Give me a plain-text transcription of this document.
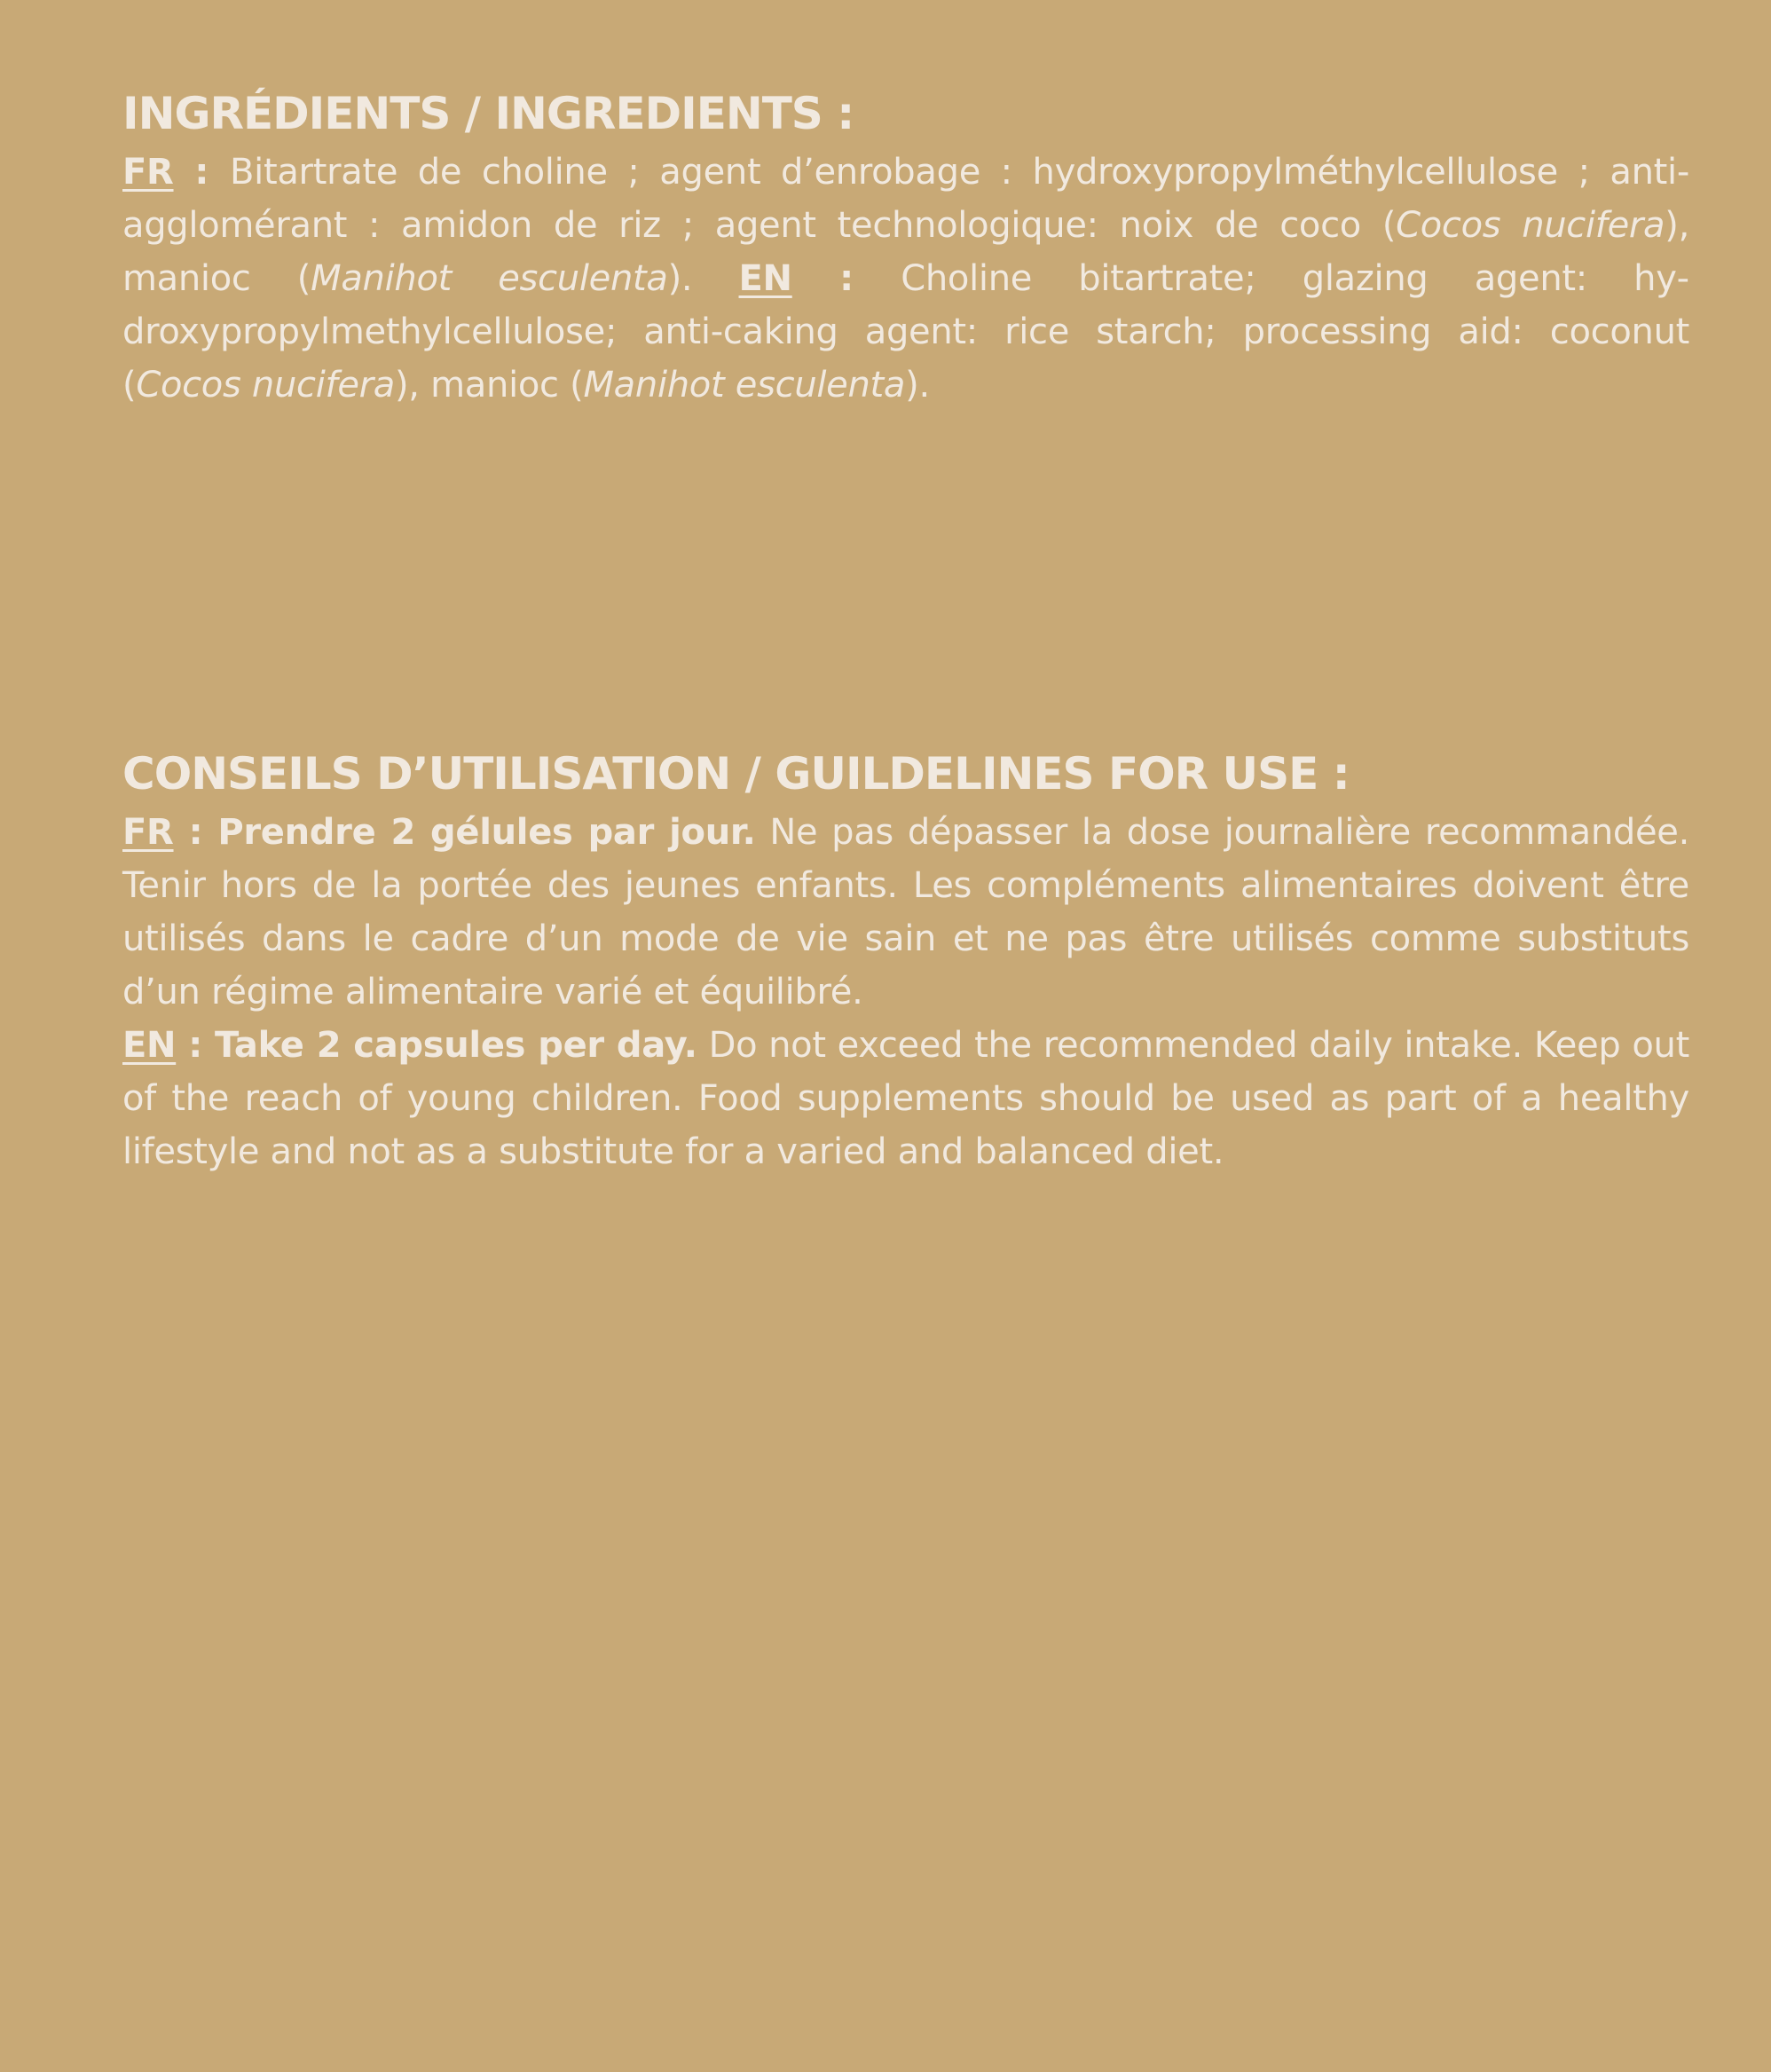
INGRÉDIENTS / INGREDIENTS :

FR : Bitartrate de choline ; agent d’enrobage : hydroxypropylméthylcellulose ; anti-agglomérant : amidon de riz ; agent technologique: noix de coco (Cocos nucifera), manioc (Manihot esculenta). EN : Choline bitartrate; glazing agent: hydroxypropylmethylcellulose; anti-caking agent: rice starch; processing aid: coconut (Cocos nucifera), manioc (Manihot esculenta).

CONSEILS D’UTILISATION / GUILDELINES FOR USE :

FR : Prendre 2 gélules par jour. Ne pas dépasser la dose journalière recommandée. Tenir hors de la portée des jeunes enfants. Les compléments alimentaires doivent être utilisés dans le cadre d’un mode de vie sain et ne pas être utilisés comme substituts d’un régime alimentaire varié et équilibré.

EN : Take 2 capsules per day. Do not exceed the recommended daily intake. Keep out of the reach of young children. Food supplements should be used as part of a healthy lifestyle and not as a substitute for a varied and balanced diet.
